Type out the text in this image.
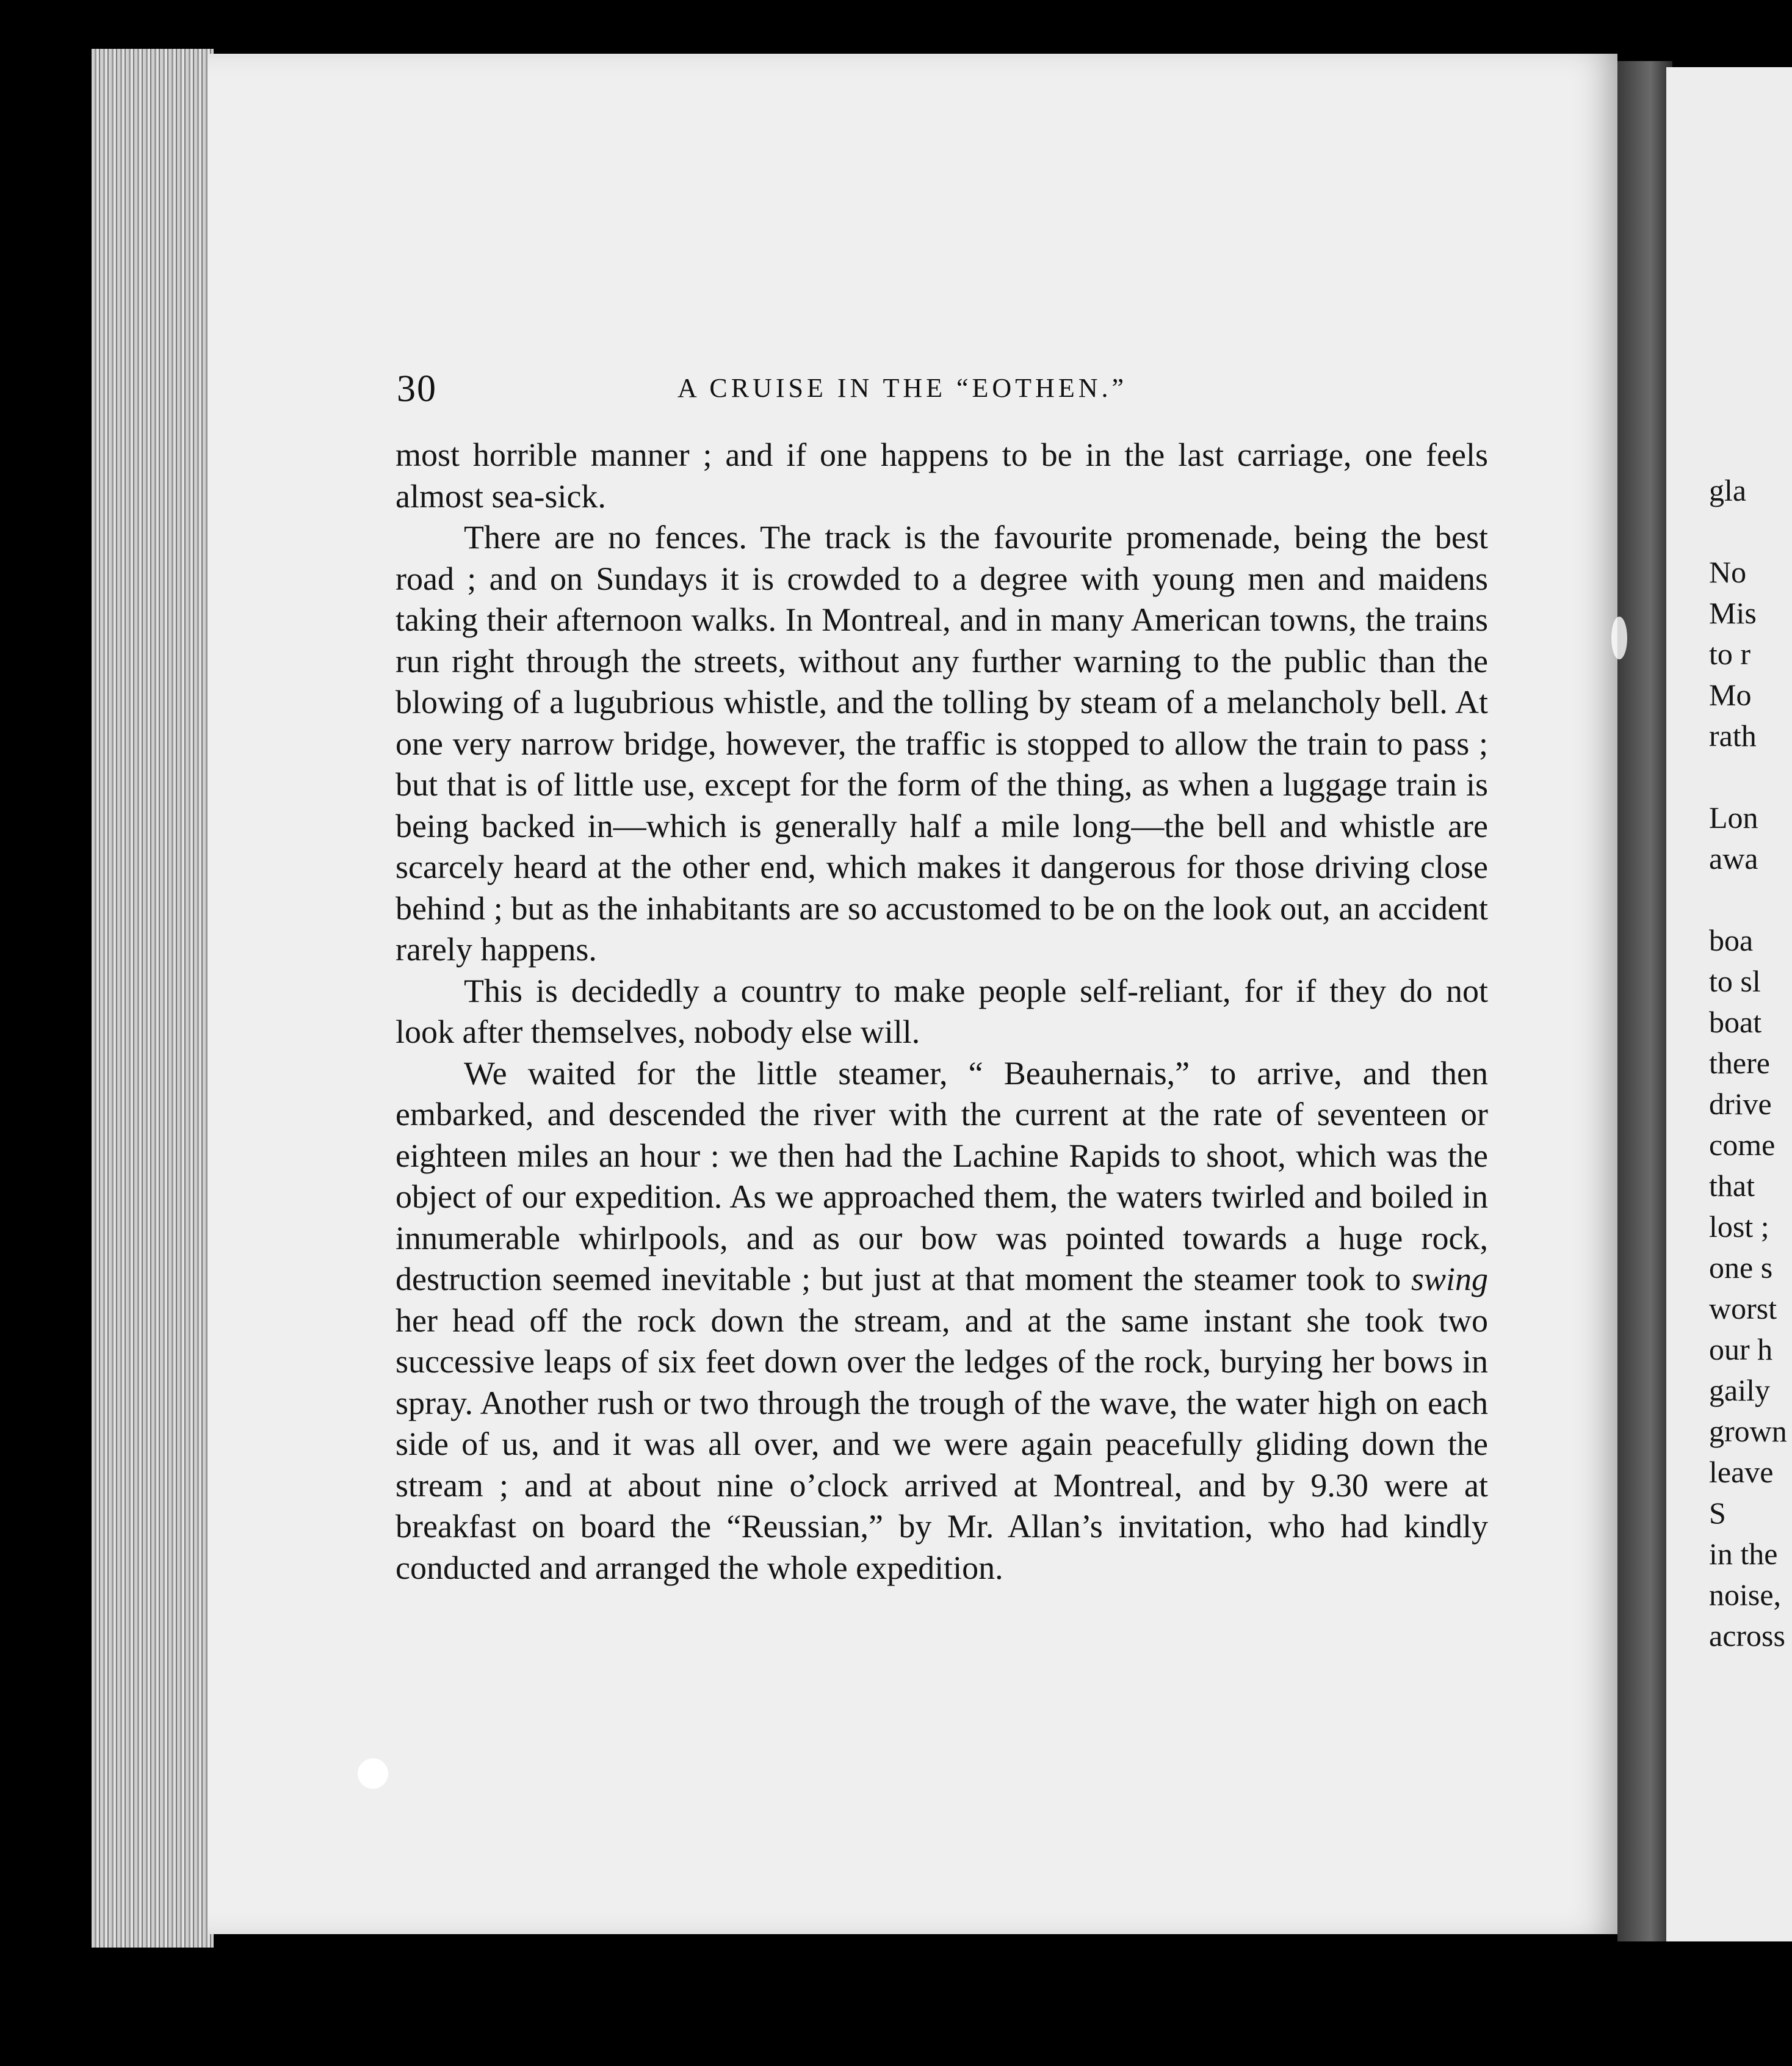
30	A CRUISE IN THE “EOTHEN.”

most horrible manner ; and if one happens to be in the last carriage, one feels almost sea-sick.

There are no fences. The track is the favourite promenade, being the best road ; and on Sundays it is crowded to a degree with young men and maidens taking their afternoon walks. In Montreal, and in many American towns, the trains run right through the streets, without any further warning to the public than the blowing of a lugubrious whistle, and the tolling by steam of a melancholy bell. At one very narrow bridge, however, the traffic is stopped to allow the train to pass ; but that is of little use, except for the form of the thing, as when a luggage train is being backed in—which is generally half a mile long—the bell and whistle are scarcely heard at the other end, which makes it dangerous for those driving close behind ; but as the inhabitants are so accustomed to be on the look out, an accident rarely happens.

This is decidedly a country to make people self-reliant, for if they do not look after themselves, nobody else will.

We waited for the little steamer, “ Beauhernais,” to arrive, and then embarked, and descended the river with the current at the rate of seventeen or eighteen miles an hour : we then had the Lachine Rapids to shoot, which was the object of our expedition. As we approached them, the waters twirled and boiled in innumerable whirlpools, and as our bow was pointed towards a huge rock, destruction seemed inevitable ; but just at that moment the steamer took to swing her head off the rock down the stream, and at the same instant she took two successive leaps of six feet down over the ledges of the rock, burying her bows in spray. Another rush or two through the trough of the wave, the water high on each side of us, and it was all over, and we were again peacefully gliding down the stream ; and at about nine o’clock arrived at Montreal, and by 9.30 were at breakfast on board the “Reussian,” by Mr. Allan’s invitation, who had kindly conducted and arranged the whole expedition.

gla
No
Mis
to r
Mo
rath
Lon
awa
boa
to sl
boat
there
drive
come
that
lost ;
one s
worst
our h
gaily
grown
leave
S
in the
noise,
across
